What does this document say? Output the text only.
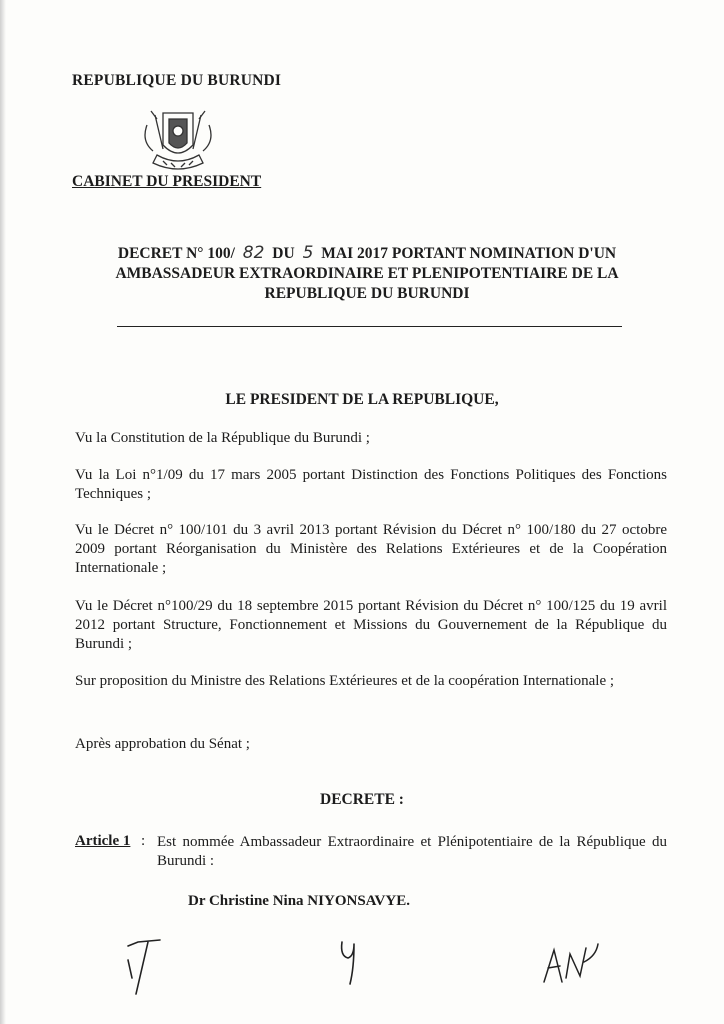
REPUBLIQUE DU BURUNDI
CABINET DU PRESIDENT
DECRET N° 100/ 82 DU 5 MAI 2017 PORTANT NOMINATION D'UN
AMBASSADEUR EXTRAORDINAIRE ET PLENIPOTENTIAIRE DE LA
REPUBLIQUE DU BURUNDI
LE PRESIDENT DE LA REPUBLIQUE,
Vu la Constitution de la République du Burundi ;
Vu la Loi n°1/09 du 17 mars 2005 portant Distinction des Fonctions Politiques des Fonctions Techniques ;
Vu le Décret n° 100/101 du 3 avril 2013 portant Révision du Décret n° 100/180 du 27 octobre 2009 portant Réorganisation du Ministère des Relations Extérieures et de la Coopération Internationale ;
Vu le Décret n°100/29 du 18 septembre 2015 portant Révision du Décret n° 100/125 du 19 avril 2012 portant Structure, Fonctionnement et Missions du Gouvernement de la République du Burundi ;
Sur proposition du Ministre des Relations Extérieures et de la coopération Internationale ;
Après approbation du Sénat ;
DECRETE :
Article 1 : Est nommée Ambassadeur Extraordinaire et Plénipotentiaire de la République du Burundi :
Dr Christine Nina NIYONSAVYE.
